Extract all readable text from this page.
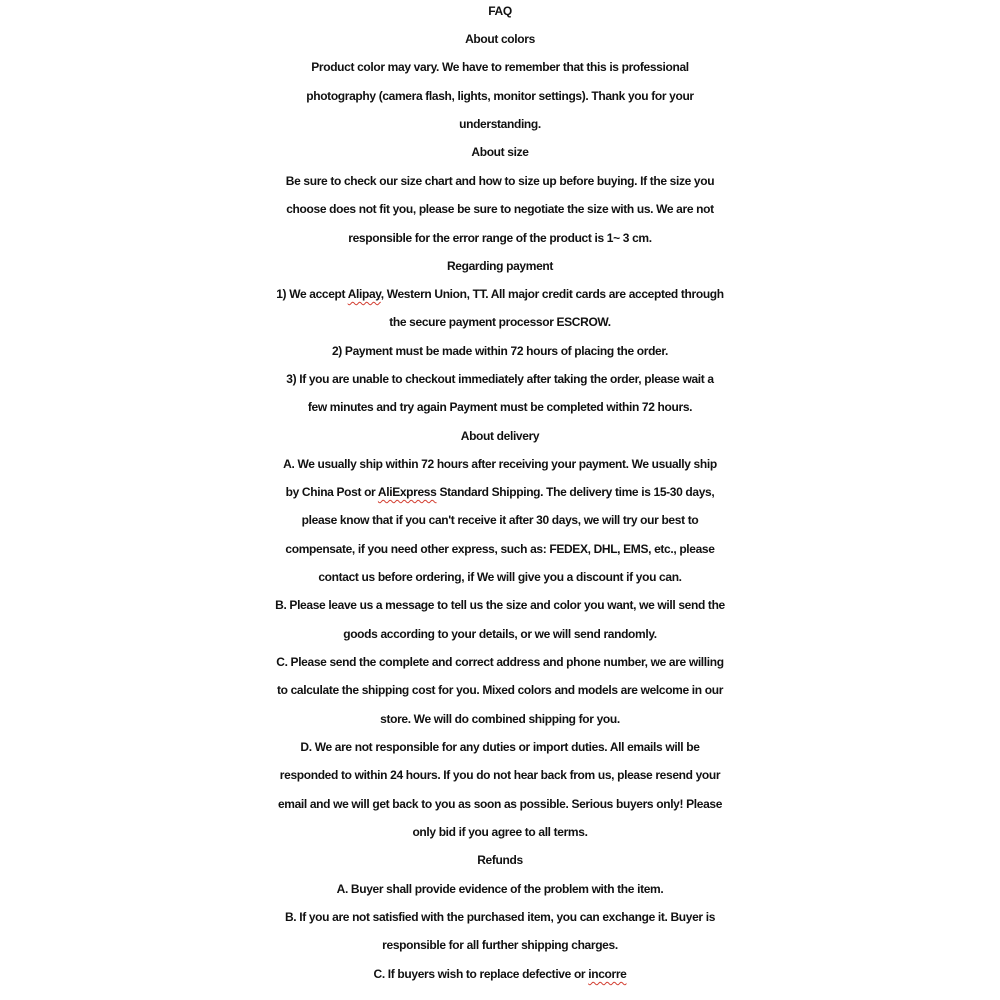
FAQ
About colors
Product color may vary. We have to remember that this is professional
photography (camera flash, lights, monitor settings). Thank you for your
understanding.
About size
Be sure to check our size chart and how to size up before buying. If the size you
choose does not fit you, please be sure to negotiate the size with us. We are not
responsible for the error range of the product is 1~ 3 cm.
Regarding payment
1) We accept Alipay, Western Union, TT. All major credit cards are accepted through
the secure payment processor ESCROW.
2) Payment must be made within 72 hours of placing the order.
3) If you are unable to checkout immediately after taking the order, please wait a
few minutes and try again Payment must be completed within 72 hours.
About delivery
A. We usually ship within 72 hours after receiving your payment. We usually ship
by China Post or AliExpress Standard Shipping. The delivery time is 15-30 days,
please know that if you can't receive it after 30 days, we will try our best to
compensate, if you need other express, such as: FEDEX, DHL, EMS, etc., please
contact us before ordering, if We will give you a discount if you can.
B. Please leave us a message to tell us the size and color you want, we will send the
goods according to your details, or we will send randomly.
C. Please send the complete and correct address and phone number, we are willing
to calculate the shipping cost for you. Mixed colors and models are welcome in our
store. We will do combined shipping for you.
D. We are not responsible for any duties or import duties. All emails will be
responded to within 24 hours. If you do not hear back from us, please resend your
email and we will get back to you as soon as possible. Serious buyers only! Please
only bid if you agree to all terms.
Refunds
A. Buyer shall provide evidence of the problem with the item.
B. If you are not satisfied with the purchased item, you can exchange it. Buyer is
responsible for all further shipping charges.
C. If buyers wish to replace defective or incorre
